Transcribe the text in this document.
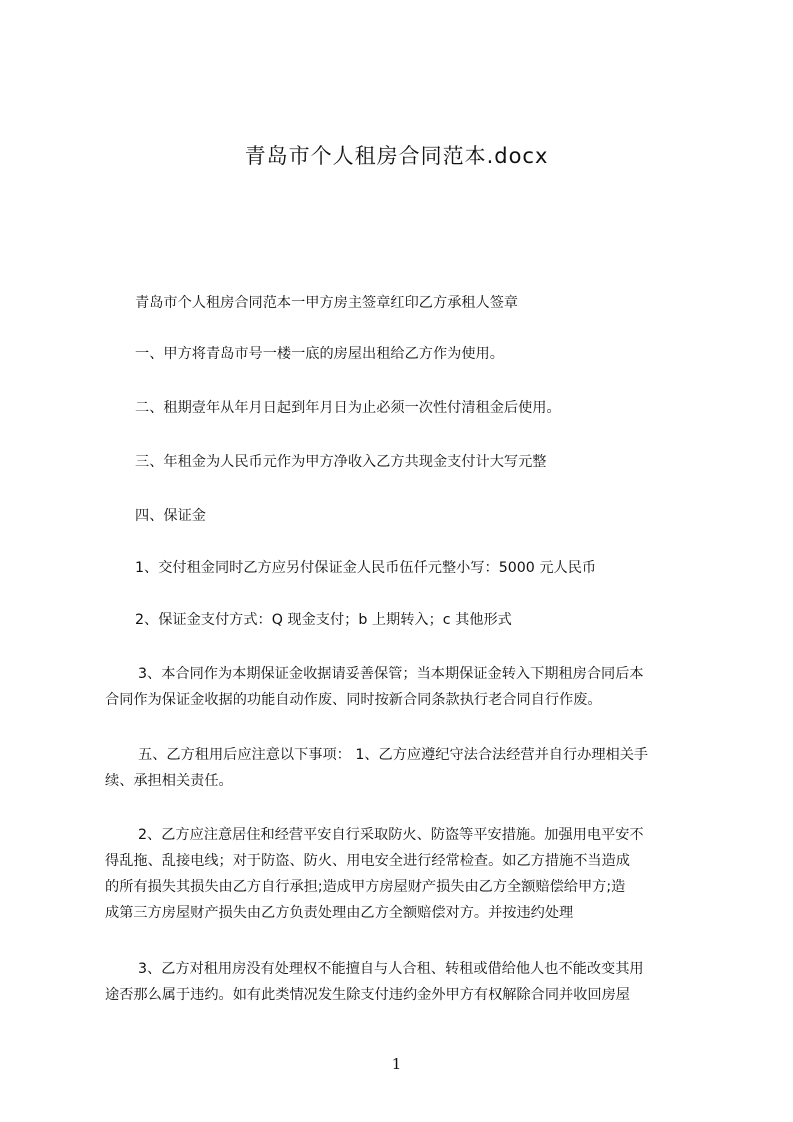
青岛市个人租房合同范本.docx
青岛市个人租房合同范本一甲方房主签章红印乙方承租人签章
一、甲方将青岛市号一楼一底的房屋出租给乙方作为使用。
二、租期壹年从年月日起到年月日为止必须一次性付清租金后使用。
三、年租金为人民币元作为甲方净收入乙方共现金支付计大写元整
四、保证金
1、交付租金同时乙方应另付保证金人民币伍仟元整小写：5000 元人民币
2、保证金支付方式：Q 现金支付；b 上期转入；c 其他形式
3、本合同作为本期保证金收据请妥善保管；当本期保证金转入下期租房合同后本
合同作为保证金收据的功能自动作废、同时按新合同条款执行老合同自行作废。
五、乙方租用后应注意以下事项： 1、乙方应遵纪守法合法经营并自行办理相关手
续、承担相关责任。
2、乙方应注意居住和经营平安自行采取防火、防盗等平安措施。加强用电平安不
得乱拖、乱接电线；对于防盗、防火、用电安全进行经常检查。如乙方措施不当造成
的所有损失其损失由乙方自行承担;造成甲方房屋财产损失由乙方全额赔偿给甲方;造
成第三方房屋财产损失由乙方负责处理由乙方全额赔偿对方。并按违约处理
3、乙方对租用房没有处理权不能擅自与人合租、转租或借给他人也不能改变其用
途否那么属于违约。如有此类情况发生除支付违约金外甲方有权解除合同并收回房屋
1
